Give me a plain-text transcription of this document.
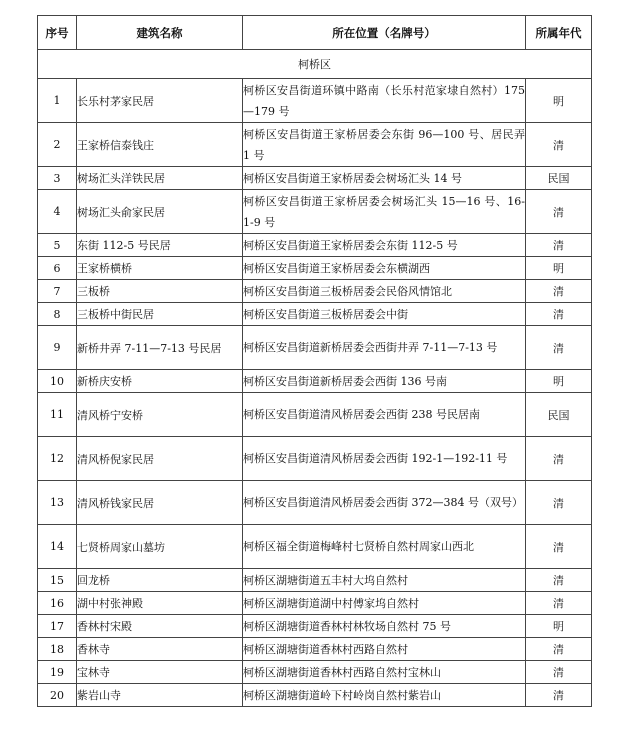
序号	建筑名称	所在位置（名牌号）	所属年代
柯桥区			
1	长乐村茅家民居	柯桥区安昌街道环镇中路南（长乐村范家埭自然村）175—179 号	明
2	王家桥信泰钱庄	柯桥区安昌街道王家桥居委会东街 96—100 号、居民弄 1 号	清
3	树场汇头洋铁民居	柯桥区安昌街道王家桥居委会树场汇头 14 号	民国
4	树场汇头俞家民居	柯桥区安昌街道王家桥居委会树场汇头 15—16 号、16-1-9 号	清
5	东街 112-5 号民居	柯桥区安昌街道王家桥居委会东街 112-5 号	清
6	王家桥横桥	柯桥区安昌街道王家桥居委会东横湖西	明
7	三板桥	柯桥区安昌街道三板桥居委会民俗风情馆北	清
8	三板桥中街民居	柯桥区安昌街道三板桥居委会中街	清
9	新桥井弄 7-11—7-13 号民居	柯桥区安昌街道新桥居委会西街井弄 7-11—7-13 号	清
10	新桥庆安桥	柯桥区安昌街道新桥居委会西街 136 号南	明
11	清风桥宁安桥	柯桥区安昌街道清风桥居委会西街 238 号民居南	民国
12	清风桥倪家民居	柯桥区安昌街道清风桥居委会西街 192-1—192-11 号	清
13	清风桥钱家民居	柯桥区安昌街道清风桥居委会西街 372—384 号（双号）	清
14	七贤桥周家山墓坊	柯桥区福全街道梅峰村七贤桥自然村周家山西北	清
15	回龙桥	柯桥区湖塘街道五丰村大坞自然村	清
16	湖中村张神殿	柯桥区湖塘街道湖中村傅家坞自然村	清
17	香林村宋殿	柯桥区湖塘街道香林村林牧场自然村 75 号	明
18	香林寺	柯桥区湖塘街道香林村西路自然村	清
19	宝林寺	柯桥区湖塘街道香林村西路自然村宝林山	清
20	紫岩山寺	柯桥区湖塘街道岭下村岭岗自然村紫岩山	清
